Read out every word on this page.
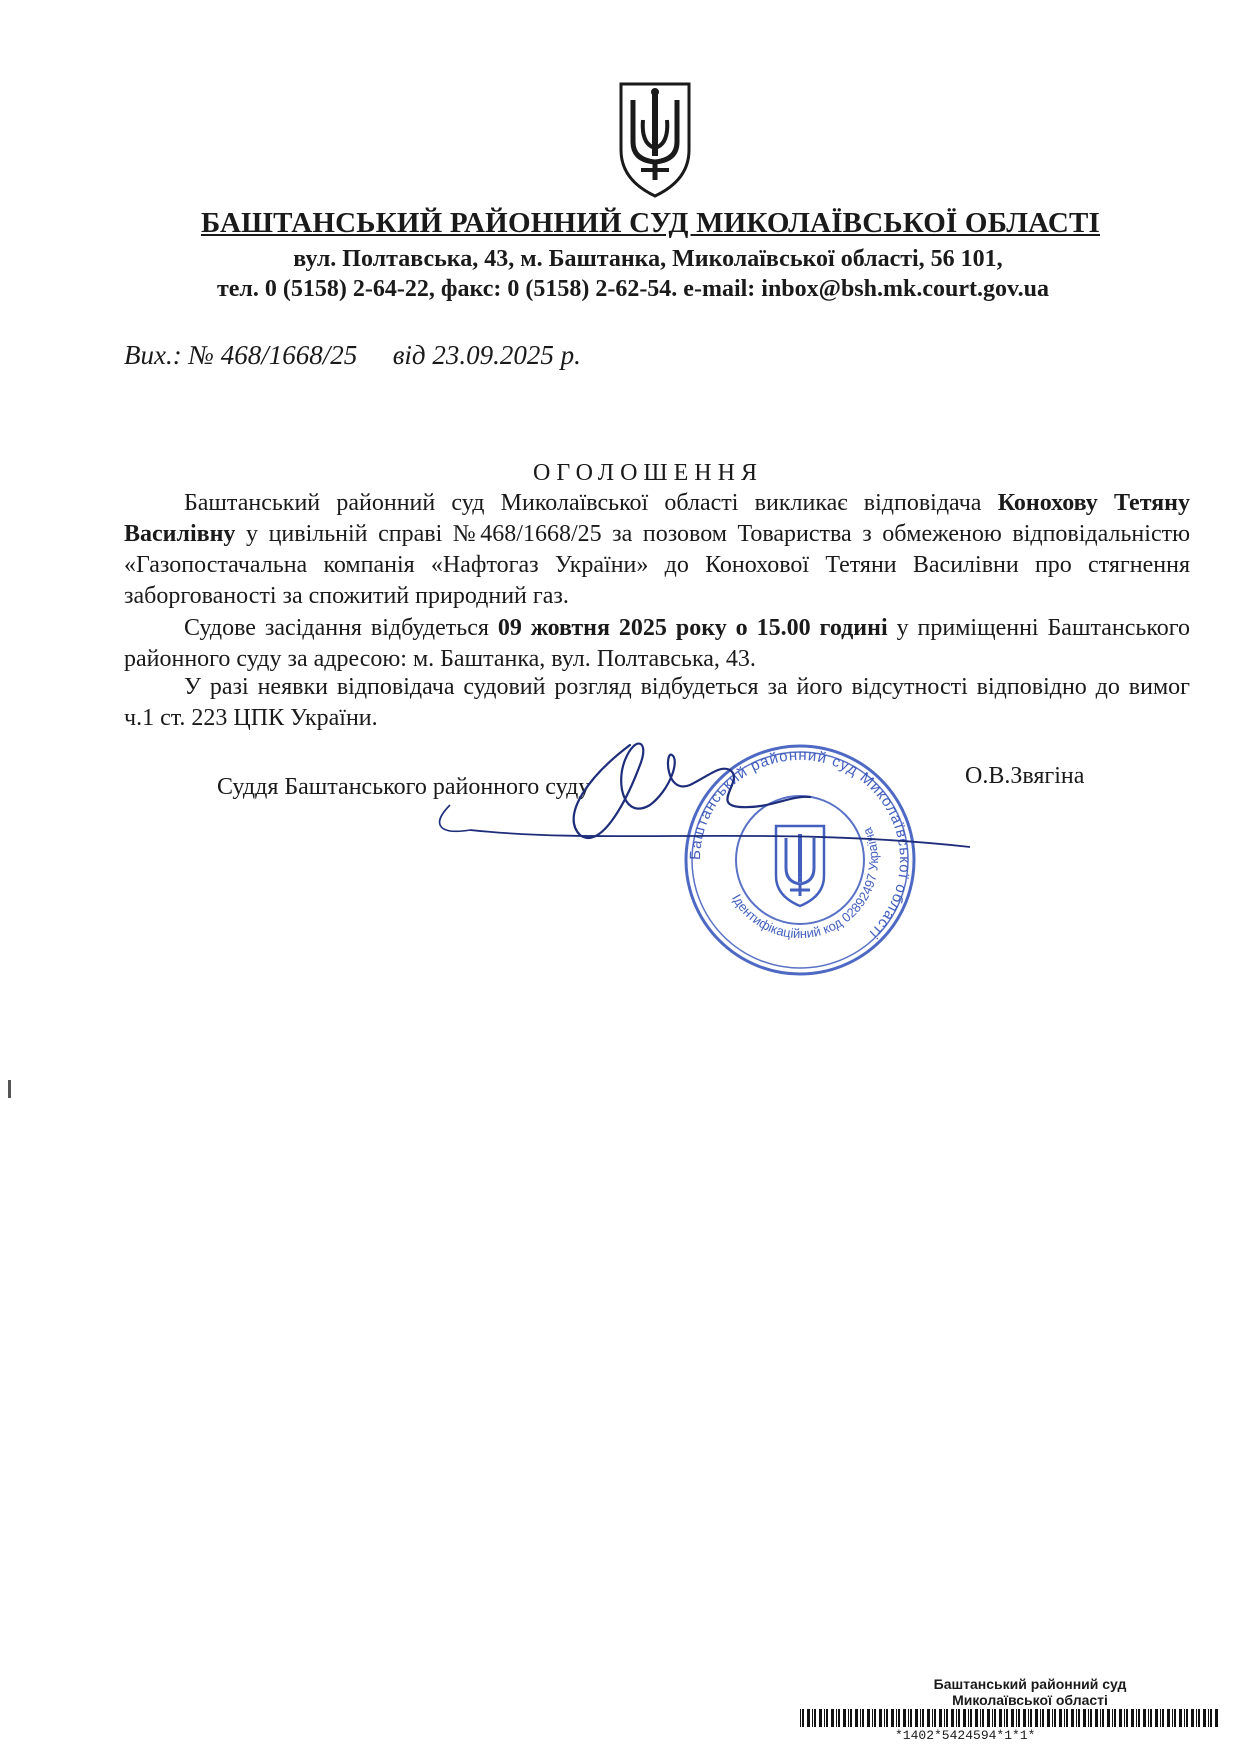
БАШТАНСЬКИЙ РАЙОННИЙ СУД МИКОЛАЇВСЬКОЇ ОБЛАСТІ
вул. Полтавська, 43, м. Баштанка, Миколаївської області, 56 101,
тел. 0 (5158) 2-64-22, факс: 0 (5158) 2-62-54. e-mail: inbox@bsh.mk.court.gov.ua
Вих.: № 468/1668/25 від 23.09.2025 р.
ОГОЛОШЕННЯ
Баштанський районний суд Миколаївської області викликає відповідача Конохову Тетяну Василівну у цивільній справі №468/1668/25 за позовом Товариства з обмеженою відповідальністю «Газопостачальна компанія «Нафтогаз України» до Конохової Тетяни Василівни про стягнення заборгованості за спожитий природний газ.
Судове засідання відбудеться 09 жовтня 2025 року о 15.00 годині у приміщенні Баштанського районного суду за адресою: м. Баштанка, вул. Полтавська, 43.
У разі неявки відповідача судовий розгляд відбудеться за його відсутності відповідно до вимог ч.1 ст. 223 ЦПК України.
Суддя Баштанського районного суду	О.В.Звягіна
Баштанський районний суд Миколаївської області
Ідентифікаційний код 02892497 Україна
Баштанський районний суд
Миколаївської області
*1402*5424594*1*1*
